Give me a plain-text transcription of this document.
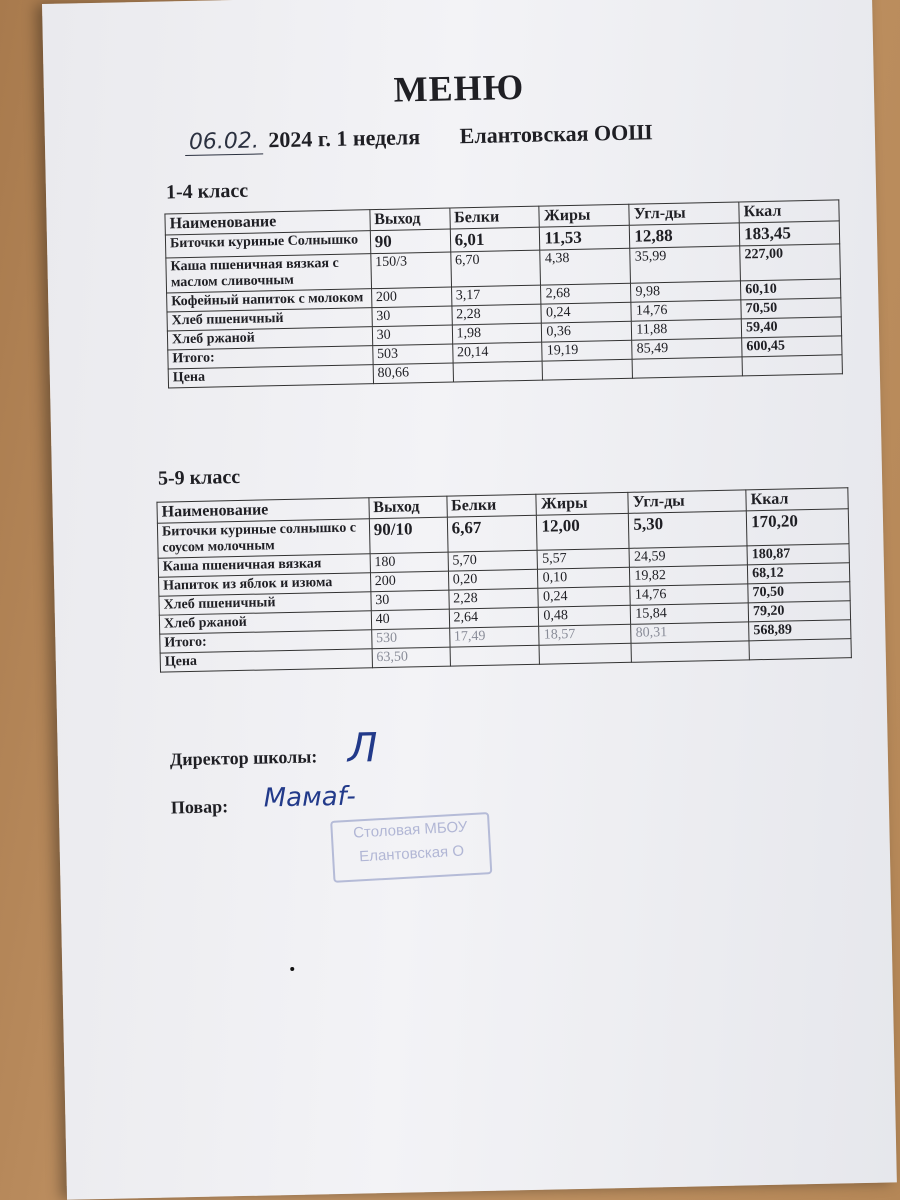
МЕНЮ
06.02. 2024 г. 1 неделя Елантовская ООШ
1-4 класс
Наименование	Выход	Белки	Жиры	Угл-ды	Ккал
Биточки куриные Солнышко	90	6,01	11,53	12,88	183,45
Каша пшеничная вязкая с маслом сливочным	150/3	6,70	4,38	35,99	227,00
Кофейный напиток с молоком	200	3,17	2,68	9,98	60,10
Хлеб пшеничный	30	2,28	0,24	14,76	70,50
Хлеб ржаной	30	1,98	0,36	11,88	59,40
Итого:	503	20,14	19,19	85,49	600,45
Цена	80,66				
5-9 класс
Наименование	Выход	Белки	Жиры	Угл-ды	Ккал
Биточки куриные солнышко с соусом молочным	90/10	6,67	12,00	5,30	170,20
Каша пшеничная вязкая	180	5,70	5,57	24,59	180,87
Напиток из яблок и изюма	200	0,20	0,10	19,82	68,12
Хлеб пшеничный	30	2,28	0,24	14,76	70,50
Хлеб ржаной	40	2,64	0,48	15,84	79,20
Итого:	530	17,49	18,57	80,31	568,89
Цена	63,50				
Директор школы: Л
Повар: Мамаf-
Столовая МБОУ
Елантовская О
